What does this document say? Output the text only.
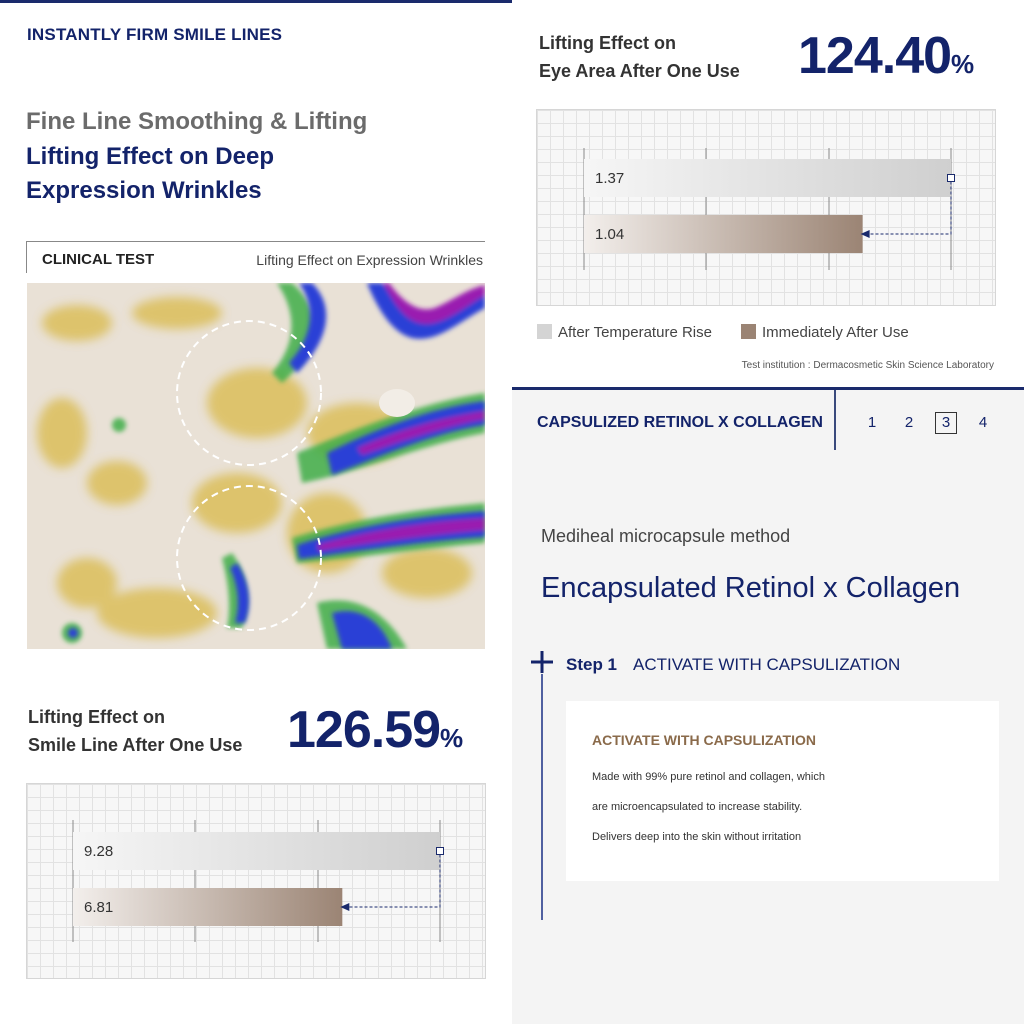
INSTANTLY FIRM SMILE LINES
Fine Line Smoothing & Lifting
Lifting Effect on Deep
Expression Wrinkles
CLINICAL TEST	Lifting Effect on Expression Wrinkles
Lifting Effect on
Smile Line After One Use 126.59%
9.28
6.81
Lifting Effect on
Eye Area After One Use 124.40%
1.37
1.04
After Temperature Rise	Immediately After Use
Test institution : Dermacosmetic Skin Science Laboratory
CAPSULIZED RETINOL X COLLAGEN	1	2	3	4
Mediheal microcapsule method
Encapsulated Retinol x Collagen
Step 1 ACTIVATE WITH CAPSULIZATION
ACTIVATE WITH CAPSULIZATION
Made with 99% pure retinol and collagen, which
are microencapsulated to increase stability.
Delivers deep into the skin without irritation
